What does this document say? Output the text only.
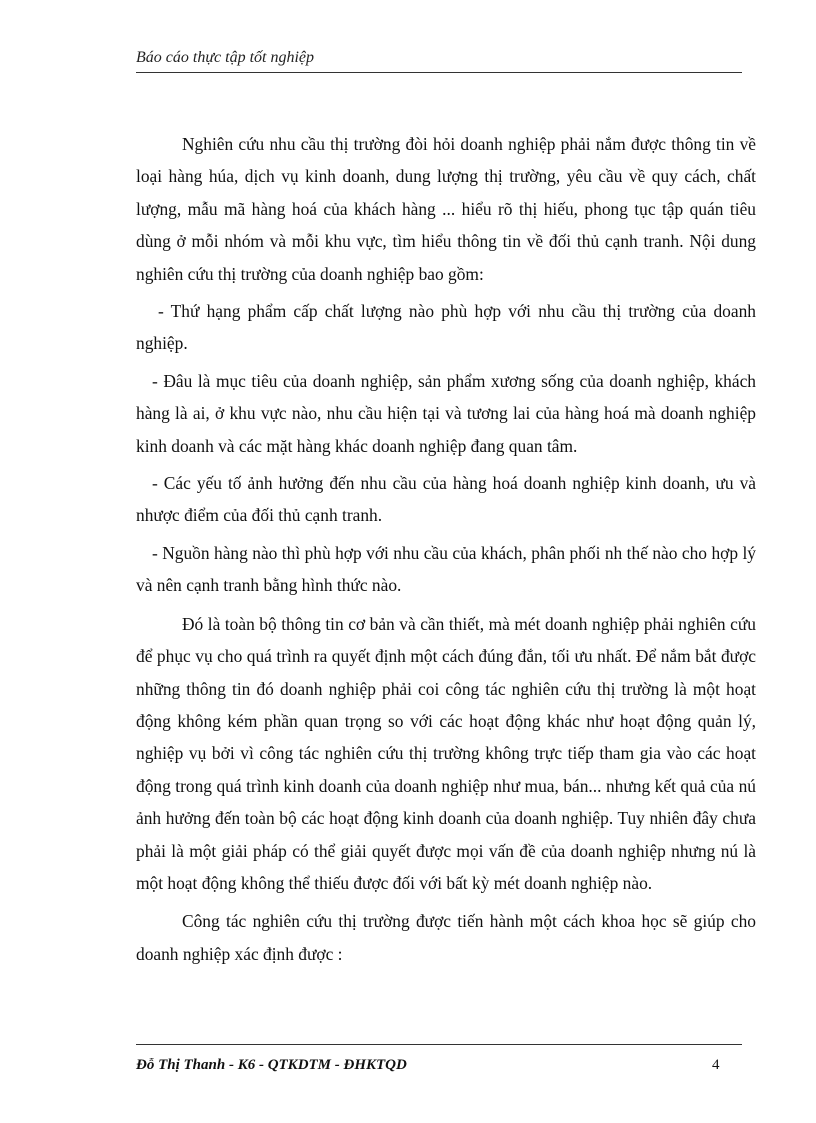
Báo cáo thực tập tốt nghiệp

Nghiên cứu nhu cầu thị trường đòi hỏi doanh nghiệp phải nắm được thông tin về loại hàng húa, dịch vụ kinh doanh, dung lượng thị trường, yêu cầu về quy cách, chất lượng, mẫu mã hàng hoá của khách hàng ... hiểu rõ thị hiếu, phong tục tập quán tiêu dùng ở mỗi nhóm và mỗi khu vực, tìm hiểu thông tin về đối thủ cạnh tranh. Nội dung nghiên cứu thị trường của doanh nghiệp bao gồm:

- Thứ hạng phẩm cấp chất lượng nào phù hợp với nhu cầu thị trường của doanh nghiệp.

- Đâu là mục tiêu của doanh nghiệp, sản phẩm xương sống của doanh nghiệp, khách hàng là ai, ở khu vực nào, nhu cầu hiện tại và tương lai của hàng hoá mà doanh nghiệp kinh doanh và các mặt hàng khác doanh nghiệp đang quan tâm.

- Các yếu tố ảnh hưởng đến nhu cầu của hàng hoá doanh nghiệp kinh doanh, ưu và nhược điểm của đối thủ cạnh tranh.

- Nguồn hàng nào thì phù hợp với nhu cầu của khách, phân phối nh thế nào cho hợp lý và nên cạnh tranh bằng hình thức nào.

Đó là toàn bộ thông tin cơ bản và cần thiết, mà mét doanh nghiệp phải nghiên cứu để phục vụ cho quá trình ra quyết định một cách đúng đắn, tối ưu nhất. Để nắm bắt được những thông tin đó doanh nghiệp phải coi công tác nghiên cứu thị trường là một hoạt động không kém phần quan trọng so với các hoạt động khác như hoạt động quản lý, nghiệp vụ bởi vì công tác nghiên cứu thị trường không trực tiếp tham gia vào các hoạt động trong quá trình kinh doanh của doanh nghiệp như mua, bán... nhưng kết quả của nú ảnh hưởng đến toàn bộ các hoạt động kinh doanh của doanh nghiệp. Tuy nhiên đây chưa phải là một giải pháp có thể giải quyết được mọi vấn đề của doanh nghiệp nhưng nú là một hoạt động không thể thiếu được đối với bất kỳ mét doanh nghiệp nào.

Công tác nghiên cứu thị trường được tiến hành một cách khoa học sẽ giúp cho doanh nghiệp xác định được :

Đỗ Thị Thanh - K6 - QTKDTM - ĐHKTQD	4
